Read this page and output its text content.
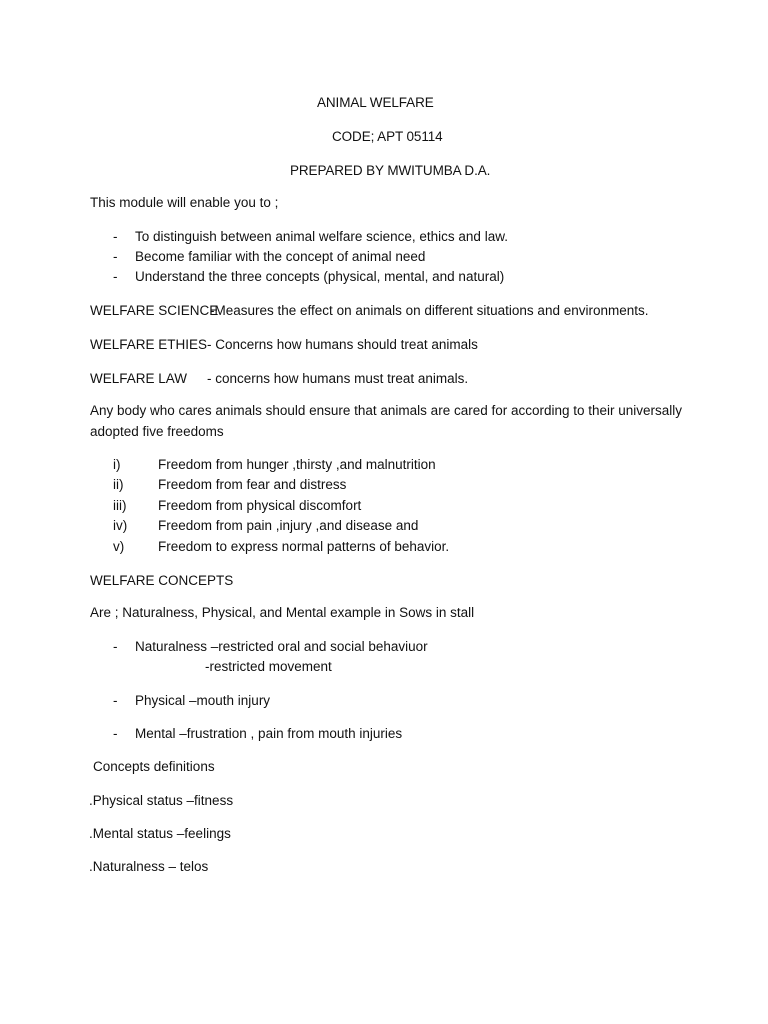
ANIMAL WELFARE
CODE; APT 05114
PREPARED BY MWITUMBA D.A.
This module will enable you to ;
- To distinguish between animal welfare science, ethics and law.
- Become familiar with the concept of animal need
- Understand the three concepts (physical, mental, and natural)
WELFARE SCIENCE
-Measures the effect on animals on different situations and environments.
WELFARE ETHIES - Concerns how humans should treat animals
WELFARE LAW - concerns how humans must treat animals.
Any body who cares animals should ensure that animals are cared for according to their universally
adopted five freedoms
i)	Freedom from hunger ,thirsty ,and malnutrition
ii)	Freedom from fear and distress
iii) Freedom from physical discomfort
iv) Freedom from pain ,injury ,and disease and
v)	Freedom to express normal patterns of behavior.
WELFARE CONCEPTS
Are ; Naturalness, Physical, and Mental example in Sows in stall
- Naturalness –restricted oral and social behaviuor
-restricted movement
- Physical –mouth injury
- Mental –frustration , pain from mouth injuries
Concepts definitions
.Physical status –fitness
.Mental status –feelings
.Naturalness – telos
